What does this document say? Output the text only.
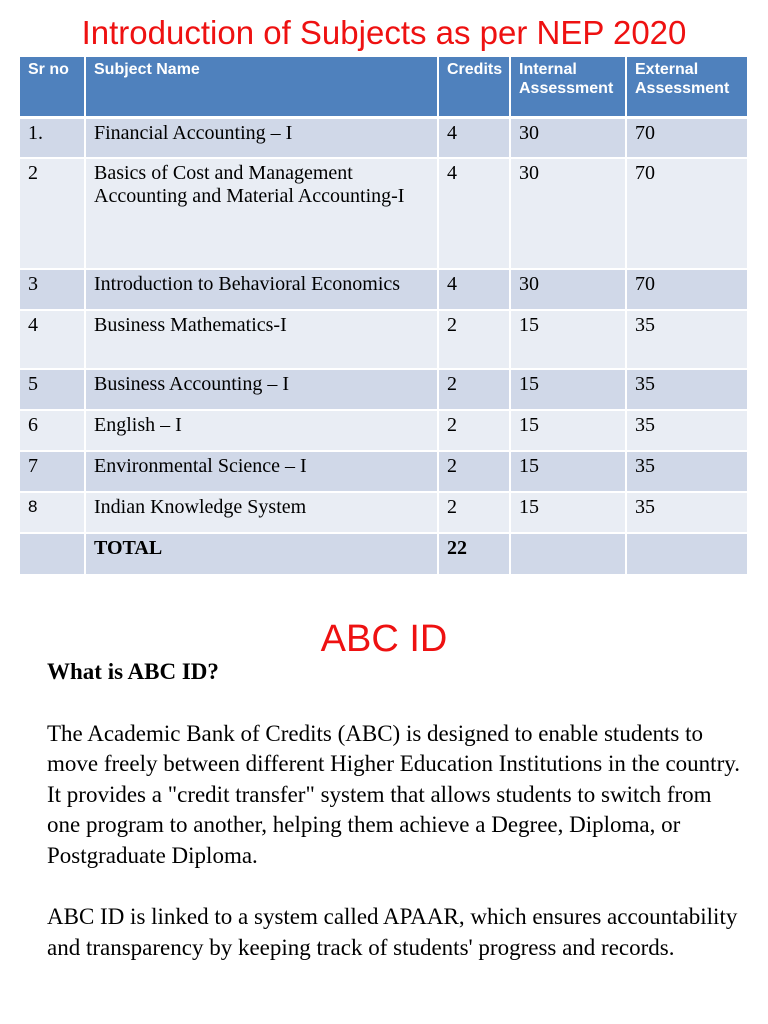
Introduction of Subjects as per NEP 2020
Sr no	Subject Name	Credits	Internal Assessment	External Assessment
1.	Financial Accounting – I	4	30	70
2	Basics of Cost and Management Accounting and Material Accounting-I	4	30	70
3	Introduction to Behavioral Economics	4	30	70
4	Business Mathematics-I	2	15	35
5	Business Accounting – I	2	15	35
6	English – I	2	15	35
7	Environmental Science – I	2	15	35
8	Indian Knowledge System	2	15	35
	TOTAL	22		
ABC ID

What is ABC ID?

The Academic Bank of Credits (ABC) is designed to enable students to move freely between different Higher Education Institutions in the country. It provides a "credit transfer" system that allows students to switch from one program to another, helping them achieve a Degree, Diploma, or Postgraduate Diploma.

ABC ID is linked to a system called APAAR, which ensures accountability and transparency by keeping track of students' progress and records.
